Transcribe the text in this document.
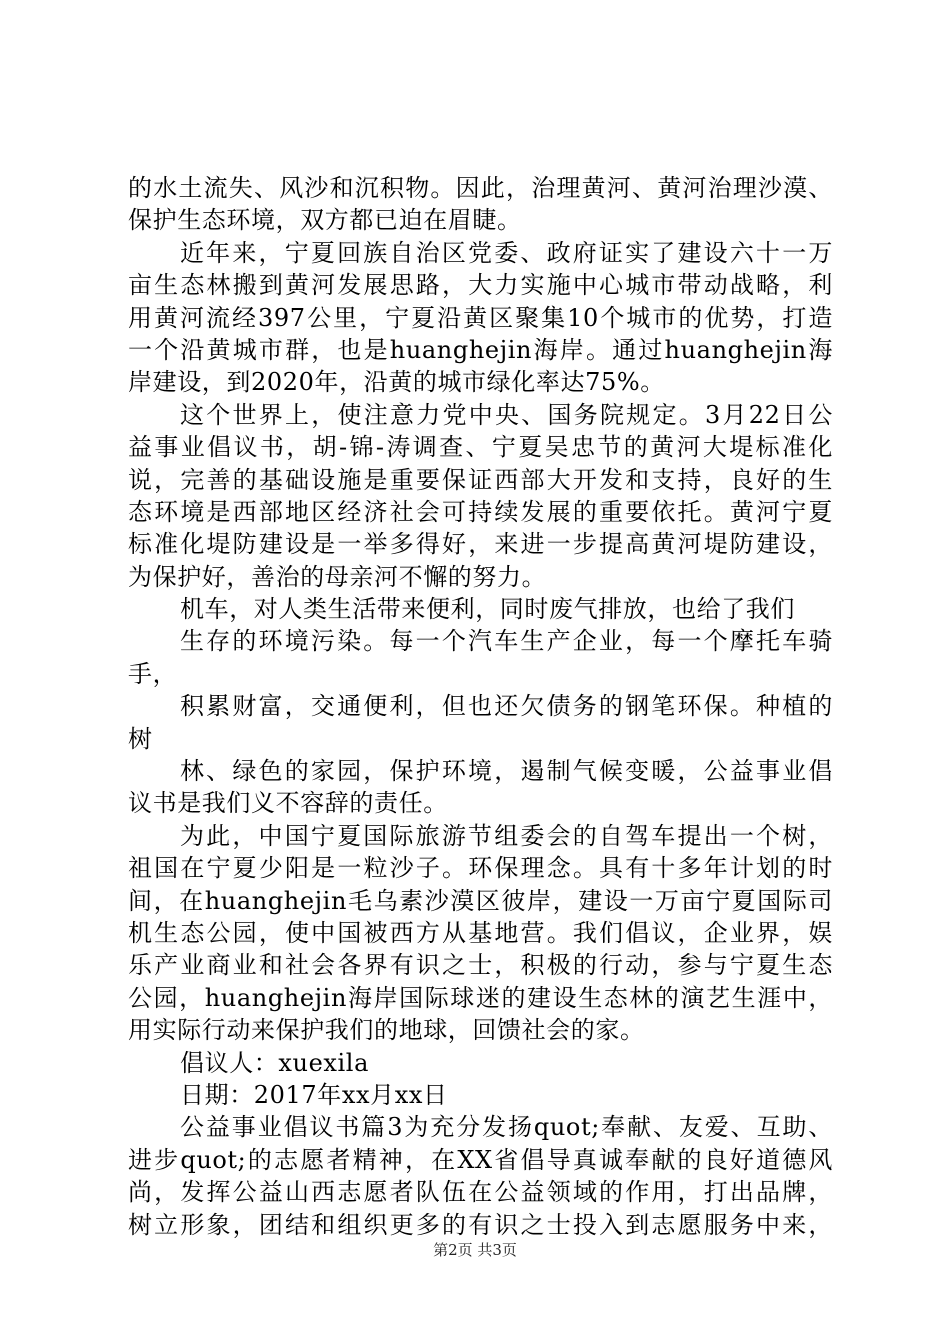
的水土流失、风沙和沉积物。因此，治理黄河、黄河治理沙漠、
保护生态环境，双方都已迫在眉睫。
近年来，宁夏回族自治区党委、政府证实了建设六十一万
亩生态林搬到黄河发展思路，大力实施中心城市带动战略，利
用黄河流经397公里，宁夏沿黄区聚集10个城市的优势，打造
一个沿黄城市群，也是huanghejin海岸。通过huanghejin海
岸建设，到2020年，沿黄的城市绿化率达75%。
这个世界上，使注意力党中央、国务院规定。3月22日公
益事业倡议书，胡-锦-涛调查、宁夏吴忠节的黄河大堤标准化
说，完善的基础设施是重要保证西部大开发和支持，良好的生
态环境是西部地区经济社会可持续发展的重要依托。黄河宁夏
标准化堤防建设是一举多得好，来进一步提高黄河堤防建设，
为保护好，善治的母亲河不懈的努力。
机车，对人类生活带来便利，同时废气排放，也给了我们
生存的环境污染。每一个汽车生产企业，每一个摩托车骑
手，
积累财富，交通便利，但也还欠债务的钢笔环保。种植的
树
林、绿色的家园，保护环境，遏制气候变暖，公益事业倡
议书是我们义不容辞的责任。
为此，中国宁夏国际旅游节组委会的自驾车提出一个树，
祖国在宁夏少阳是一粒沙子。环保理念。具有十多年计划的时
间，在huanghejin毛乌素沙漠区彼岸，建设一万亩宁夏国际司
机生态公园，使中国被西方从基地营。我们倡议，企业界，娱
乐产业商业和社会各界有识之士，积极的行动，参与宁夏生态
公园，huanghejin海岸国际球迷的建设生态林的演艺生涯中，
用实际行动来保护我们的地球，回馈社会的家。
倡议人：xuexila
日期：2017年xx月xx日
公益事业倡议书篇3为充分发扬quot;奉献、友爱、互助、
进步quot;的志愿者精神，在XX省倡导真诚奉献的良好道德风
尚，发挥公益山西志愿者队伍在公益领域的作用，打出品牌，
树立形象，团结和组织更多的有识之士投入到志愿服务中来，
第2页 共3页
